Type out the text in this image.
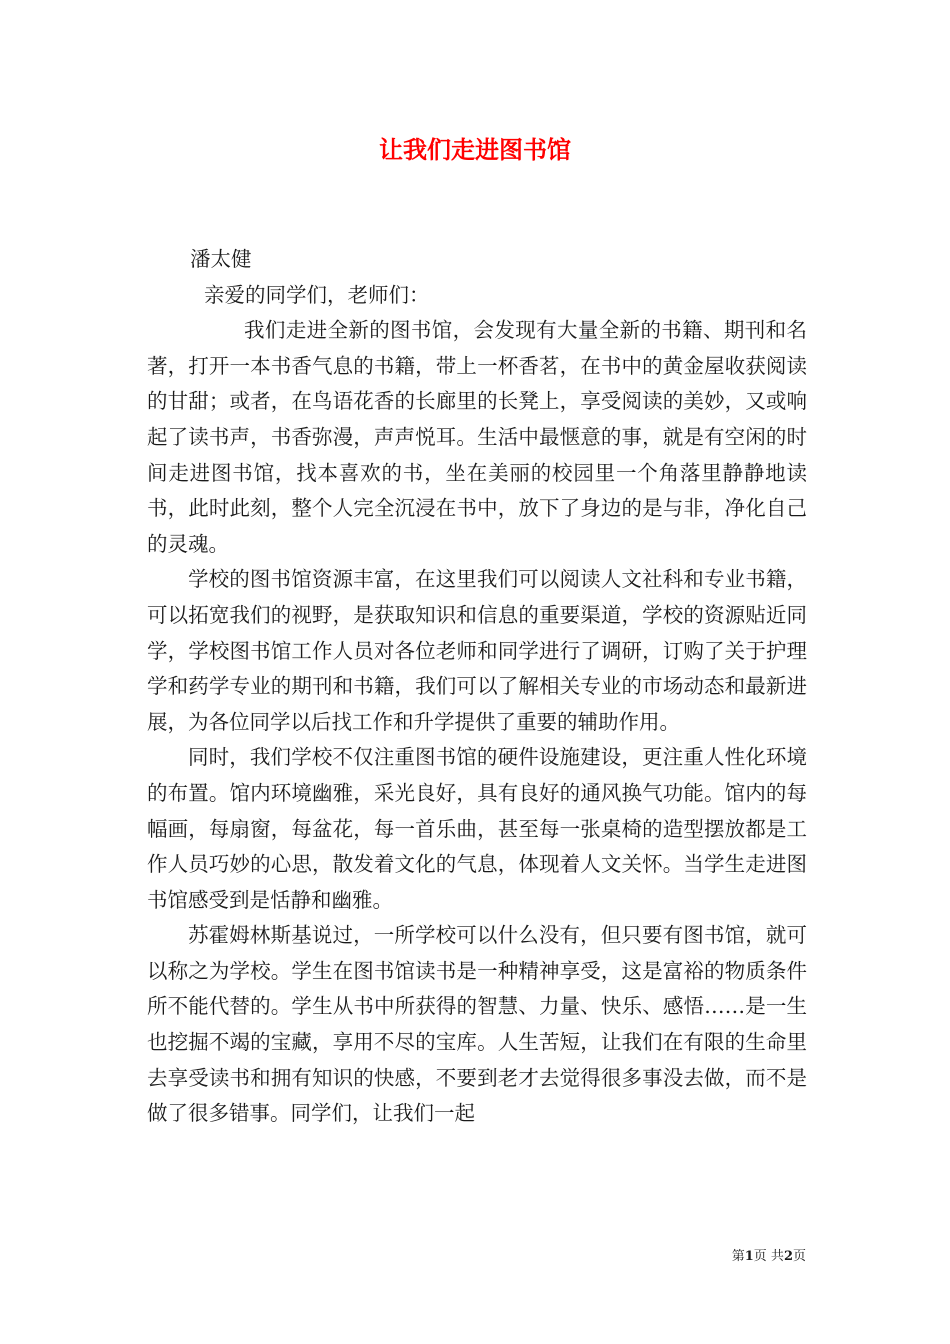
让我们走进图书馆

潘太健

亲爱的同学们，老师们：

我们走进全新的图书馆，会发现有大量全新的书籍、期刊和名著，打开一本书香气息的书籍，带上一杯香茗，在书中的黄金屋收获阅读的甘甜；或者，在鸟语花香的长廊里的长凳上，享受阅读的美妙，又或响起了读书声，书香弥漫，声声悦耳。生活中最惬意的事，就是有空闲的时间走进图书馆，找本喜欢的书，坐在美丽的校园里一个角落里静静地读书，此时此刻，整个人完全沉浸在书中，放下了身边的是与非，净化自己的灵魂。

学校的图书馆资源丰富，在这里我们可以阅读人文社科和专业书籍，可以拓宽我们的视野，是获取知识和信息的重要渠道，学校的资源贴近同学，学校图书馆工作人员对各位老师和同学进行了调研，订购了关于护理学和药学专业的期刊和书籍，我们可以了解相关专业的市场动态和最新进展，为各位同学以后找工作和升学提供了重要的辅助作用。

同时，我们学校不仅注重图书馆的硬件设施建设，更注重人性化环境的布置。馆内环境幽雅，采光良好，具有良好的通风换气功能。馆内的每幅画，每扇窗，每盆花，每一首乐曲，甚至每一张桌椅的造型摆放都是工作人员巧妙的心思，散发着文化的气息，体现着人文关怀。当学生走进图书馆感受到是恬静和幽雅。

苏霍姆林斯基说过，一所学校可以什么没有，但只要有图书馆，就可以称之为学校。学生在图书馆读书是一种精神享受，这是富裕的物质条件所不能代替的。学生从书中所获得的智慧、力量、快乐、感悟……是一生也挖掘不竭的宝藏，享用不尽的宝库。人生苦短，让我们在有限的生命里去享受读书和拥有知识的快感，不要到老才去觉得很多事没去做，而不是做了很多错事。同学们，让我们一起

第1页 共2页
